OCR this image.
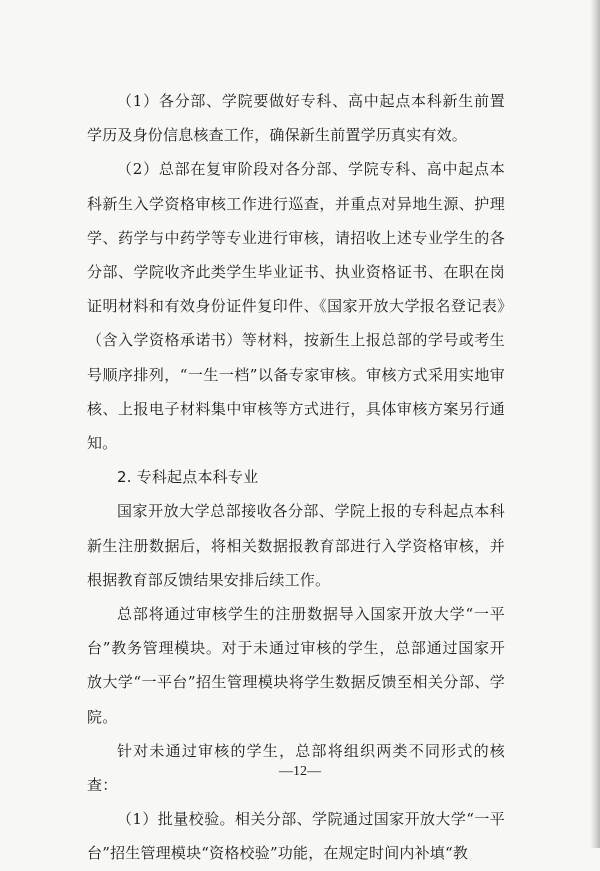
（1）各分部、学院要做好专科、高中起点本科新生前置学历及身份信息核查工作，确保新生前置学历真实有效。

（2）总部在复审阶段对各分部、学院专科、高中起点本科新生入学资格审核工作进行巡查，并重点对异地生源、护理学、药学与中药学等专业进行审核，请招收上述专业学生的各分部、学院收齐此类学生毕业证书、执业资格证书、在职在岗证明材料和有效身份证件复印件、《国家开放大学报名登记表》（含入学资格承诺书）等材料，按新生上报总部的学号或考生号顺序排列，“一生一档”以备专家审核。审核方式采用实地审核、上报电子材料集中审核等方式进行，具体审核方案另行通知。

2. 专科起点本科专业

国家开放大学总部接收各分部、学院上报的专科起点本科新生注册数据后，将相关数据报教育部进行入学资格审核，并根据教育部反馈结果安排后续工作。

总部将通过审核学生的注册数据导入国家开放大学“一平台”教务管理模块。对于未通过审核的学生，总部通过国家开放大学“一平台”招生管理模块将学生数据反馈至相关分部、学院。

针对未通过审核的学生，总部将组织两类不同形式的核查：

（1）批量校验。相关分部、学院通过国家开放大学“一平台”招生管理模块“资格校验”功能，在规定时间内补填“教

—12—
